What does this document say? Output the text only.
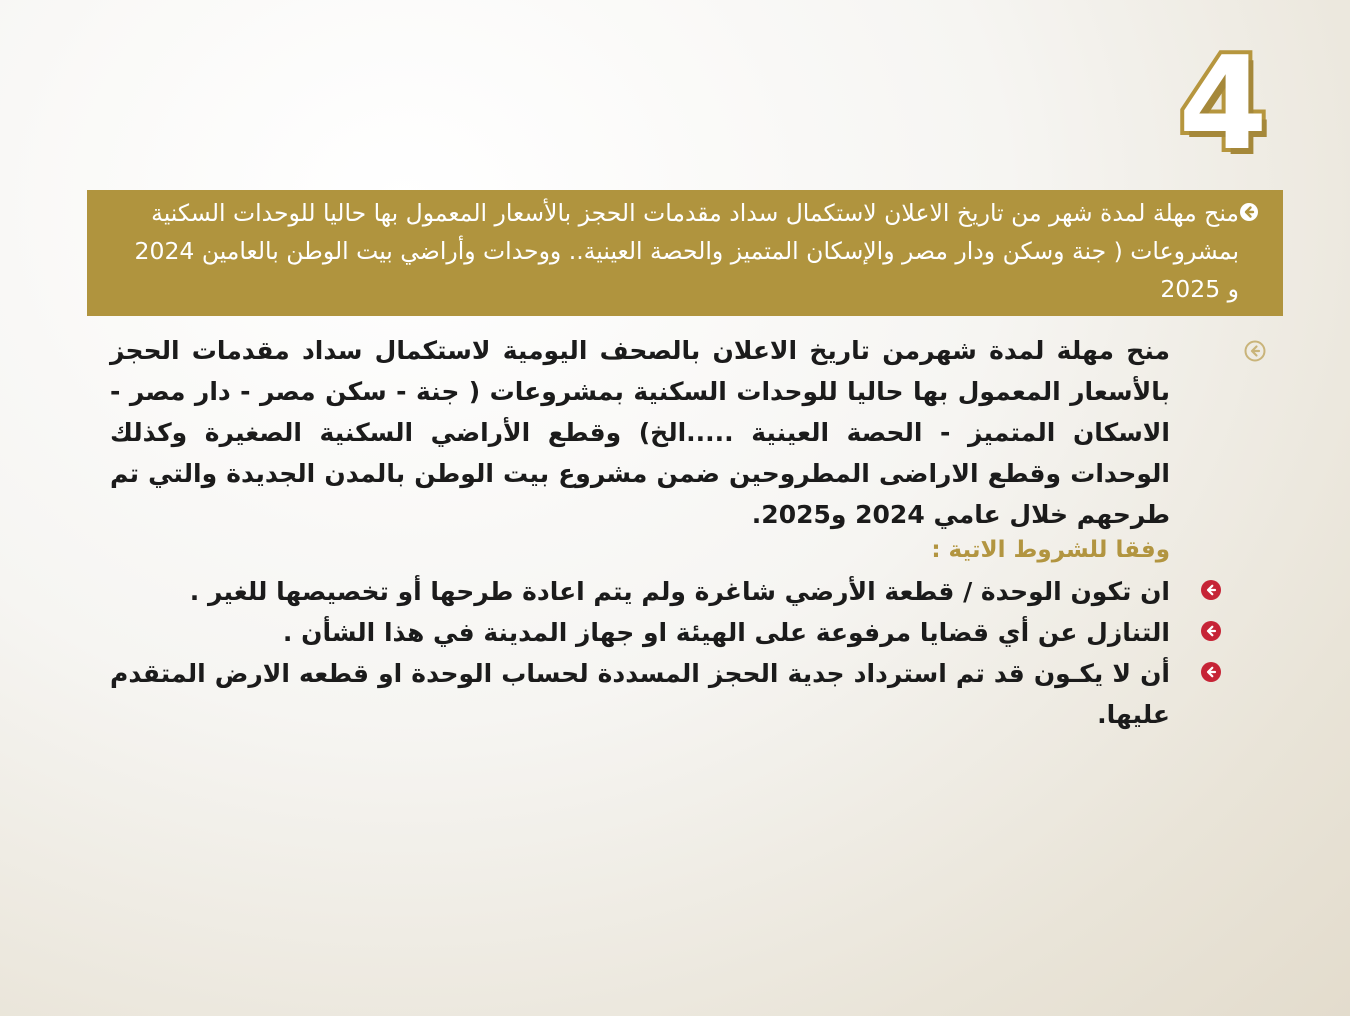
4
منح مهلة لمدة شهر من تاريخ الاعلان لاستكمال سداد مقدمات الحجز بالأسعار المعمول بها حاليا للوحدات السكنية بمشروعات ( جنة وسكن ودار مصر والإسكان المتميز والحصة العينية.. ووحدات وأراضي بيت الوطن بالعامين 2024 و 2025
منح مهلة لمدة شهرمن تاريخ الاعلان بالصحف اليومية لاستكمال سداد مقدمات الحجز بالأسعار المعمول بها حاليا للوحدات السكنية بمشروعات ( جنة - سكن مصر - دار مصر - الاسكان المتميز - الحصة العينية .....الخ) وقطع الأراضي السكنية الصغيرة وكذلك الوحدات وقطع الاراضى المطروحين ضمن مشروع بيت الوطن بالمدن الجديدة والتي تم طرحهم خلال عامي 2024 و2025.
وفقا للشروط الاتية :
ان تكون الوحدة / قطعة الأرضي شاغرة ولم يتم اعادة طرحها أو تخصيصها للغير .
التنازل عن أي قضايا مرفوعة على الهيئة او جهاز المدينة في هذا الشأن .
أن لا يكـون قد تم استرداد جدية الحجز المسددة لحساب الوحدة او قطعه الارض المتقدم عليها.
